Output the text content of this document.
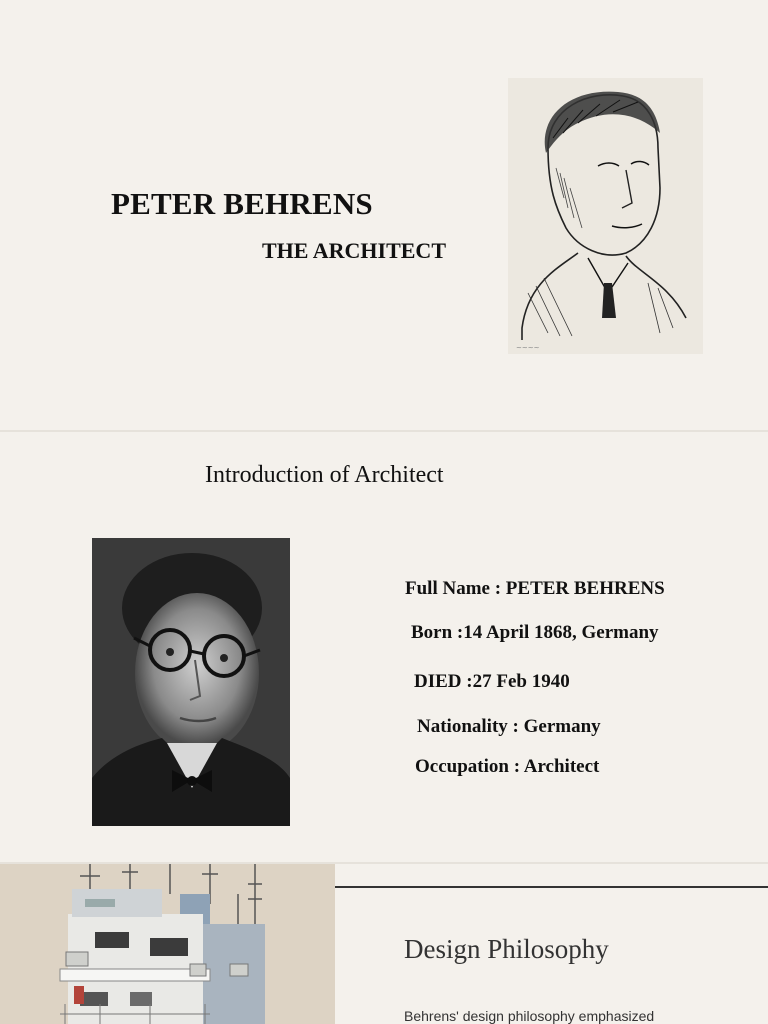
PETER BEHRENS
THE ARCHITECT
~~~~
Introduction of Architect
Full Name : PETER BEHRENS
Born :14 April 1868, Germany
DIED :27 Feb 1940
Nationality : Germany
Occupation : Architect
Design Philosophy
Behrens' design philosophy emphasized
